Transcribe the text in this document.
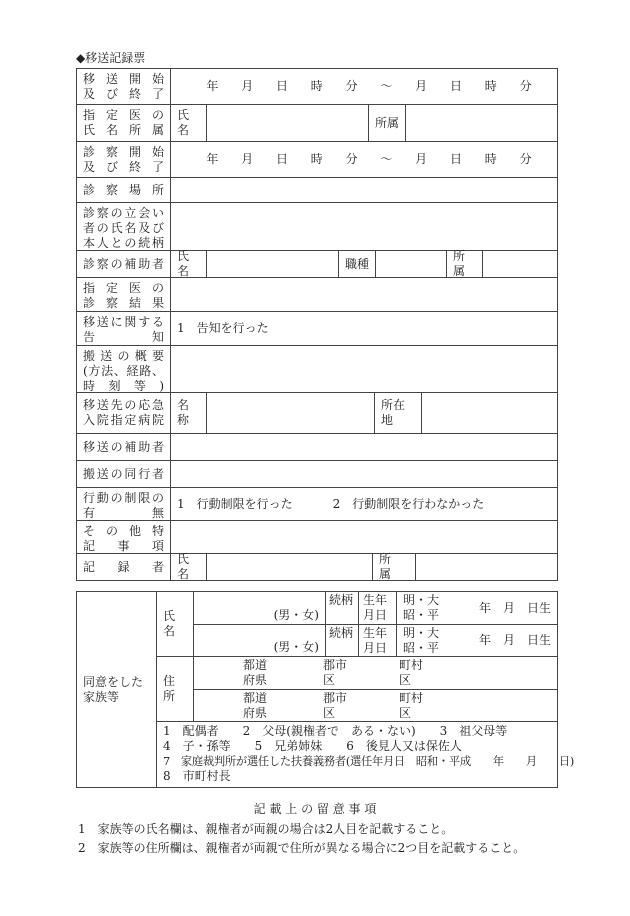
◆移送記録票
移送開始
及び終了
年 月 日 時 分 ～ 月 日 時 分
指定医の
氏名所属
氏名
所属
診察開始
及び終了
年 月 日 時 分 ～ 月 日 時 分
診察場所
診察の立会い
者の氏名及び
本人との続柄
診察の補助者
氏名
職種
所属
指定医の
診察結果
移送に関する
告知
1　告知を行った
搬送の概要
(方法、経路、
時刻等)
移送先の応急
入院指定病院
名称
所在地
移送の補助者
搬送の同行者
行動の制限の
有無
1　行動制限を行った	2　行動制限を行わなかった
その他特
記事項
記録者
氏名
所属
同意をした
家族等
氏名
住所
(男・女)
続柄 生年
月日
明・大
昭・平
年　月　日生
(男・女)
続柄 生年
月日
明・大
昭・平
年　月　日生
都道
府県
郡市
区
町村
区
都道
府県
郡市
区
町村
区
1　配偶者　　2　父母(親権者で　ある・ない)　　3　祖父母等
4　子・孫等　　5　兄弟姉妹　　6　後見人又は保佐人
7　家庭裁判所が選任した扶養義務者(選任年月日　昭和・平成　　年　　月　　日)
8　市町村長
記 載 上 の 留 意 事 項
1　家族等の氏名欄は、親権者が両親の場合は2人目を記載すること。
2　家族等の住所欄は、親権者が両親で住所が異なる場合に2つ目を記載すること。
